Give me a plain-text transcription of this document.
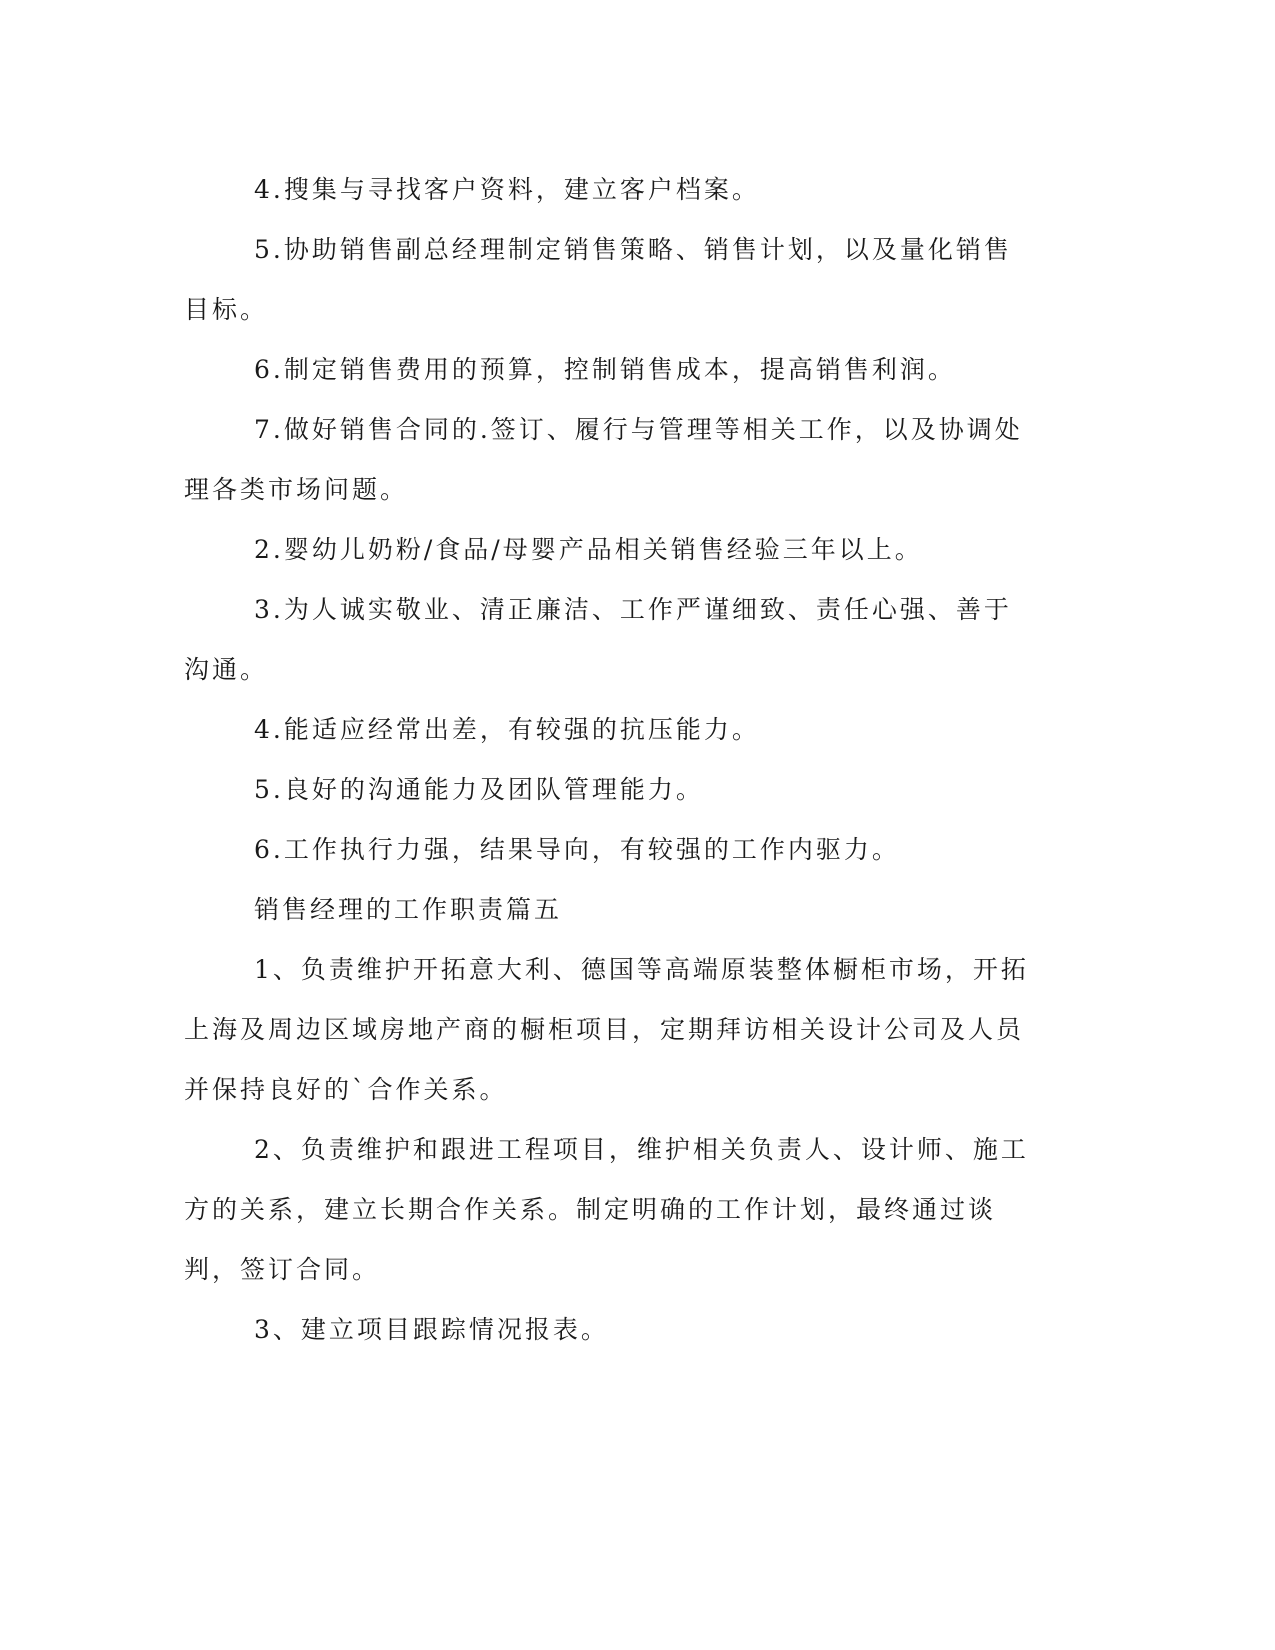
4.搜集与寻找客户资料，建立客户档案。

5.协助销售副总经理制定销售策略、销售计划，以及量化销售目标。

6.制定销售费用的预算，控制销售成本，提高销售利润。

7.做好销售合同的.签订、履行与管理等相关工作，以及协调处理各类市场问题。

2.婴幼儿奶粉/食品/母婴产品相关销售经验三年以上。

3.为人诚实敬业、清正廉洁、工作严谨细致、责任心强、善于沟通。

4.能适应经常出差，有较强的抗压能力。

5.良好的沟通能力及团队管理能力。

6.工作执行力强，结果导向，有较强的工作内驱力。

销售经理的工作职责篇五

1、负责维护开拓意大利、德国等高端原装整体橱柜市场，开拓上海及周边区域房地产商的橱柜项目，定期拜访相关设计公司及人员并保持良好的`合作关系。

2、负责维护和跟进工程项目，维护相关负责人、设计师、施工方的关系，建立长期合作关系。制定明确的工作计划，最终通过谈判，签订合同。

3、建立项目跟踪情况报表。
